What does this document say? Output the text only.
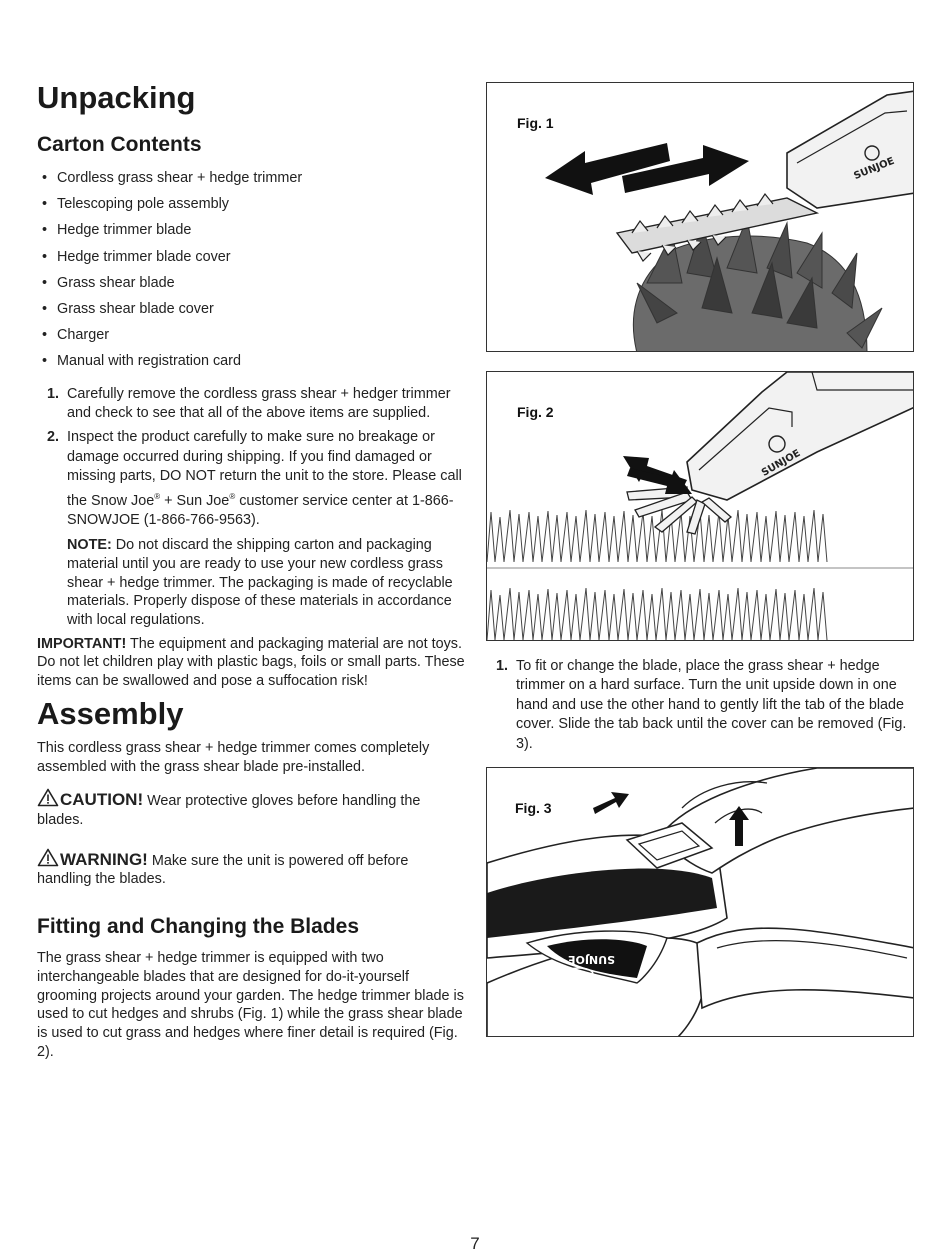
Unpacking
Carton Contents
• Cordless grass shear + hedge trimmer
• Telescoping pole assembly
• Hedge trimmer blade
• Hedge trimmer blade cover
• Grass shear blade
• Grass shear blade cover
• Charger
• Manual with registration card
1. Carefully remove the cordless grass shear + hedger trimmer and check to see that all of the above items are supplied.
2. Inspect the product carefully to make sure no breakage or damage occurred during shipping. If you find damaged or missing parts, DO NOT return the unit to the store. Please call the Snow Joe® + Sun Joe® customer service center at 1-866-SNOWJOE (1-866-766-9563).
NOTE: Do not discard the shipping carton and packaging material until you are ready to use your new cordless grass shear + hedge trimmer. The packaging is made of recyclable materials. Properly dispose of these materials in accordance with local regulations.

IMPORTANT! The equipment and packaging material are not toys. Do not let children play with plastic bags, foils or small parts. These items can be swallowed and pose a suffocation risk!

Assembly

This cordless grass shear + hedge trimmer comes completely assembled with the grass shear blade pre-installed.

CAUTION! Wear protective gloves before handling the blades.

WARNING! Make sure the unit is powered off before handling the blades.

Fitting and Changing the Blades

The grass shear + hedge trimmer is equipped with two interchangeable blades that are designed for do-it-yourself grooming projects around your garden. The hedge trimmer blade is used to cut hedges and shrubs (Fig. 1) while the grass shear blade is used to cut grass and hedges where finer detail is required (Fig. 2).

Fig. 1
SUNJOE
Fig. 2
SUNJOE
1. To fit or change the blade, place the grass shear + hedge trimmer on a hard surface. Turn the unit upside down in one hand and use the other hand to gently lift the tab of the blade cover. Slide the tab back until the cover can be removed (Fig. 3).
Fig. 3
SUNJOE
7
